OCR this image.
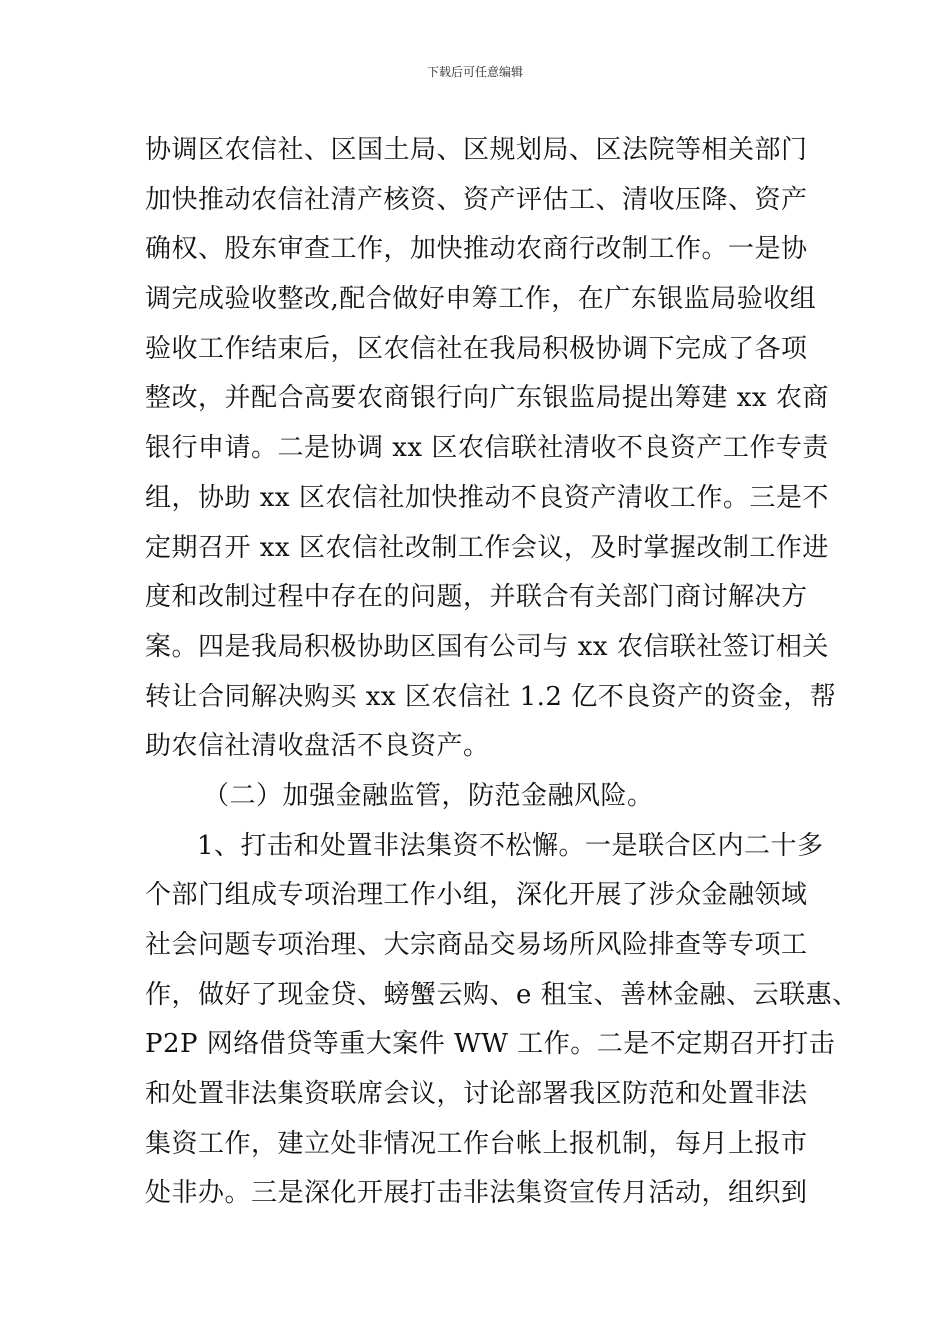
下载后可任意编辑
协调区农信社、区国土局、区规划局、区法院等相关部门
加快推动农信社清产核资、资产评估工、清收压降、资产
确权、股东审查工作，加快推动农商行改制工作。一是协
调完成验收整改,配合做好申筹工作，在广东银监局验收组
验收工作结束后，区农信社在我局积极协调下完成了各项
整改，并配合高要农商银行向广东银监局提出筹建 xx 农商
银行申请。二是协调 xx 区农信联社清收不良资产工作专责
组，协助 xx 区农信社加快推动不良资产清收工作。三是不
定期召开 xx 区农信社改制工作会议，及时掌握改制工作进
度和改制过程中存在的问题，并联合有关部门商讨解决方
案。四是我局积极协助区国有公司与 xx 农信联社签订相关
转让合同解决购买 xx 区农信社 1.2 亿不良资产的资金，帮
助农信社清收盘活不良资产。
（二）加强金融监管，防范金融风险。
1、打击和处置非法集资不松懈。一是联合区内二十多
个部门组成专项治理工作小组，深化开展了涉众金融领域
社会问题专项治理、大宗商品交易场所风险排查等专项工
作，做好了现金贷、螃蟹云购、e 租宝、善林金融、云联惠、
P2P 网络借贷等重大案件 WW 工作。二是不定期召开打击
和处置非法集资联席会议，讨论部署我区防范和处置非法
集资工作，建立处非情况工作台帐上报机制，每月上报市
处非办。三是深化开展打击非法集资宣传月活动，组织到
